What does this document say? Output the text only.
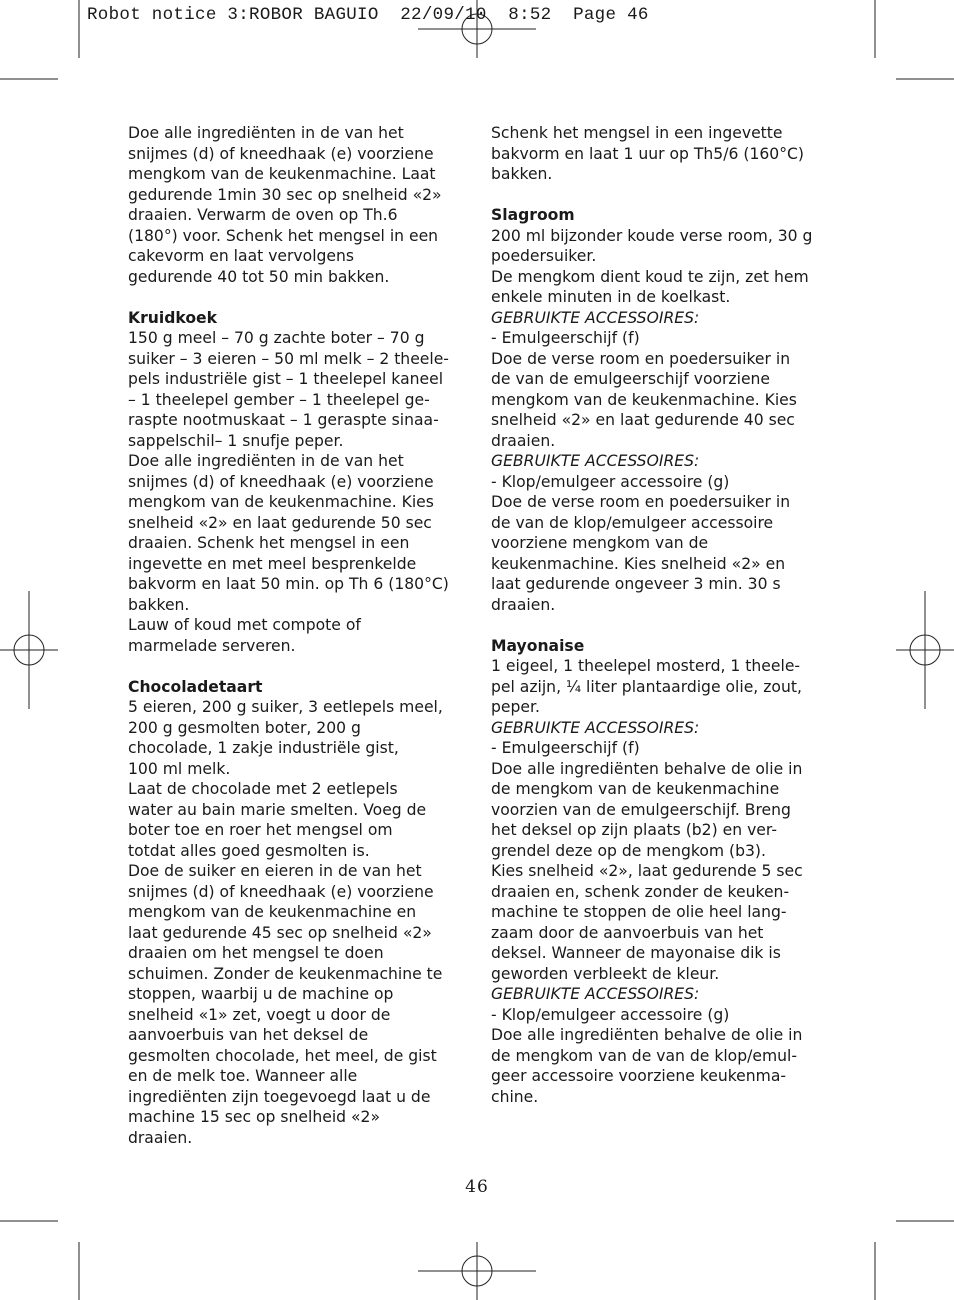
Robot notice 3:ROBOR BAGUIO  22/09/10  8:52  Page 46

Doe alle ingrediënten in de van het
snijmes (d) of kneedhaak (e) voorziene
mengkom van de keukenmachine. Laat
gedurende 1min 30 sec op snelheid «2»
draaien. Verwarm de oven op Th.6
(180°) voor. Schenk het mengsel in een
cakevorm en laat vervolgens
gedurende 40 tot 50 min bakken.

Kruidkoek

150 g meel – 70 g zachte boter – 70 g
suiker – 3 eieren – 50 ml melk – 2 theele-
pels industriële gist – 1 theelepel kaneel
– 1 theelepel gember – 1 theelepel ge-
raspte nootmuskaat – 1 geraspte sinaa-
sappelschil– 1 snufje peper.

Doe alle ingrediënten in de van het
snijmes (d) of kneedhaak (e) voorziene
mengkom van de keukenmachine. Kies
snelheid «2» en laat gedurende 50 sec
draaien. Schenk het mengsel in een
ingevette en met meel besprenkelde
bakvorm en laat 50 min. op Th 6 (180°C)
bakken.

Lauw of koud met compote of
marmelade serveren.

Chocoladetaart

5 eieren, 200 g suiker, 3 eetlepels meel,
200 g gesmolten boter, 200 g
chocolade, 1 zakje industriële gist,
100 ml melk.

Laat de chocolade met 2 eetlepels
water au bain marie smelten. Voeg de
boter toe en roer het mengsel om
totdat alles goed gesmolten is.

Doe de suiker en eieren in de van het
snijmes (d) of kneedhaak (e) voorziene
mengkom van de keukenmachine en
laat gedurende 45 sec op snelheid «2»
draaien om het mengsel te doen
schuimen. Zonder de keukenmachine te
stoppen, waarbij u de machine op
snelheid «1» zet, voegt u door de
aanvoerbuis van het deksel de
gesmolten chocolade, het meel, de gist
en de melk toe. Wanneer alle
ingrediënten zijn toegevoegd laat u de
machine 15 sec op snelheid «2»
draaien.

Schenk het mengsel in een ingevette
bakvorm en laat 1 uur op Th5/6 (160°C)
bakken.

Slagroom

200 ml bijzonder koude verse room, 30 g
poedersuiker.

De mengkom dient koud te zijn, zet hem
enkele minuten in de koelkast.

GEBRUIKTE ACCESSOIRES:

- Emulgeerschijf (f)

Doe de verse room en poedersuiker in
de van de emulgeerschijf voorziene
mengkom van de keukenmachine. Kies
snelheid «2» en laat gedurende 40 sec
draaien.

GEBRUIKTE ACCESSOIRES:

- Klop/emulgeer accessoire (g)

Doe de verse room en poedersuiker in
de van de klop/emulgeer accessoire
voorziene mengkom van de
keukenmachine. Kies snelheid «2» en
laat gedurende ongeveer 3 min. 30 s
draaien.

Mayonaise

1 eigeel, 1 theelepel mosterd, 1 theele-
pel azijn, ¼ liter plantaardige olie, zout,
peper.

GEBRUIKTE ACCESSOIRES:

- Emulgeerschijf (f)

Doe alle ingrediënten behalve de olie in
de mengkom van de keukenmachine
voorzien van de emulgeerschijf. Breng
het deksel op zijn plaats (b2) en ver-
grendel deze op de mengkom (b3).
Kies snelheid «2», laat gedurende 5 sec
draaien en, schenk zonder de keuken-
machine te stoppen de olie heel lang-
zaam door de aanvoerbuis van het
deksel. Wanneer de mayonaise dik is
geworden verbleekt de kleur.

GEBRUIKTE ACCESSOIRES:

- Klop/emulgeer accessoire (g)

Doe alle ingrediënten behalve de olie in
de mengkom van de van de klop/emul-
geer accessoire voorziene keukenma-
chine.

46
